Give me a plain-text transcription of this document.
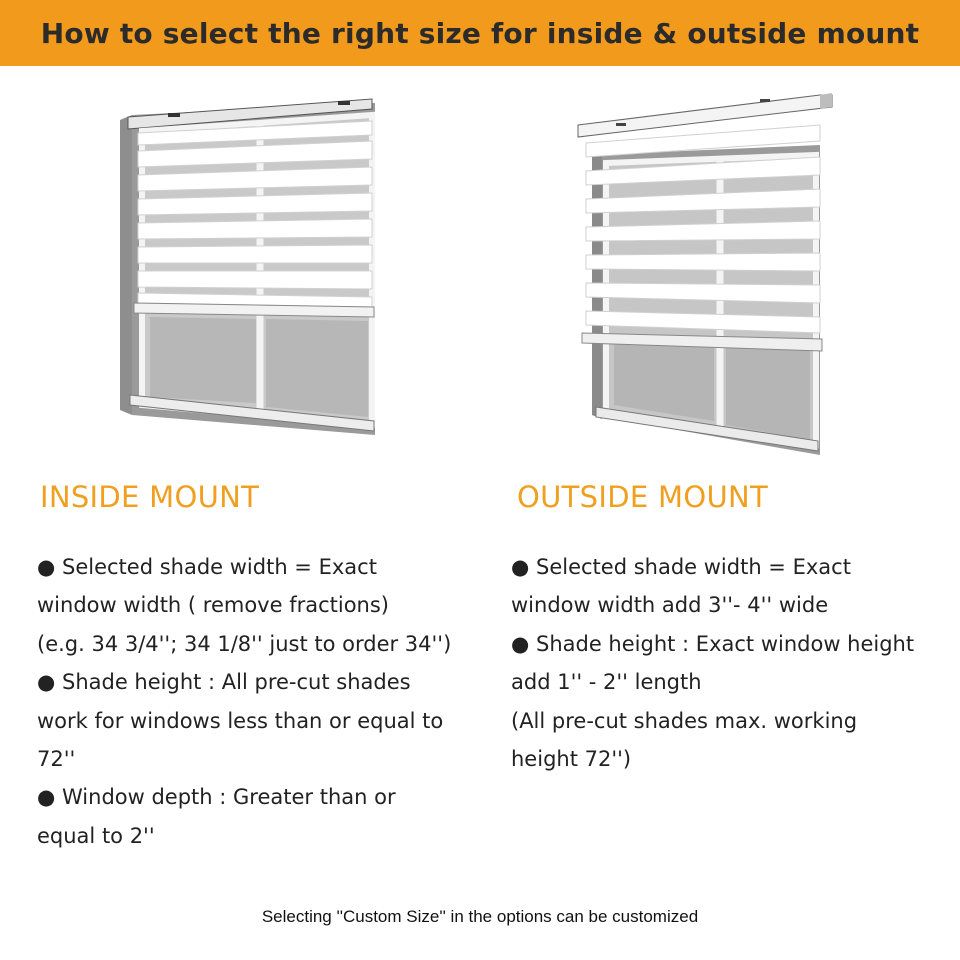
How to select the right size for inside & outside mount
INSIDE MOUNT	OUTSIDE MOUNT
● Selected shade width = Exact
window width ( remove fractions)
(e.g. 34 3/4''; 34 1/8'' just to order 34'')
● Shade height : All pre-cut shades
work for windows less than or equal to
72''
● Window depth : Greater than or
equal to 2''
● Selected shade width = Exact
window width add 3''- 4'' wide
● Shade height : Exact window height
add 1'' - 2'' length
(All pre-cut shades max. working
height 72'')
Selecting ''Custom Size'' in the options can be customized
